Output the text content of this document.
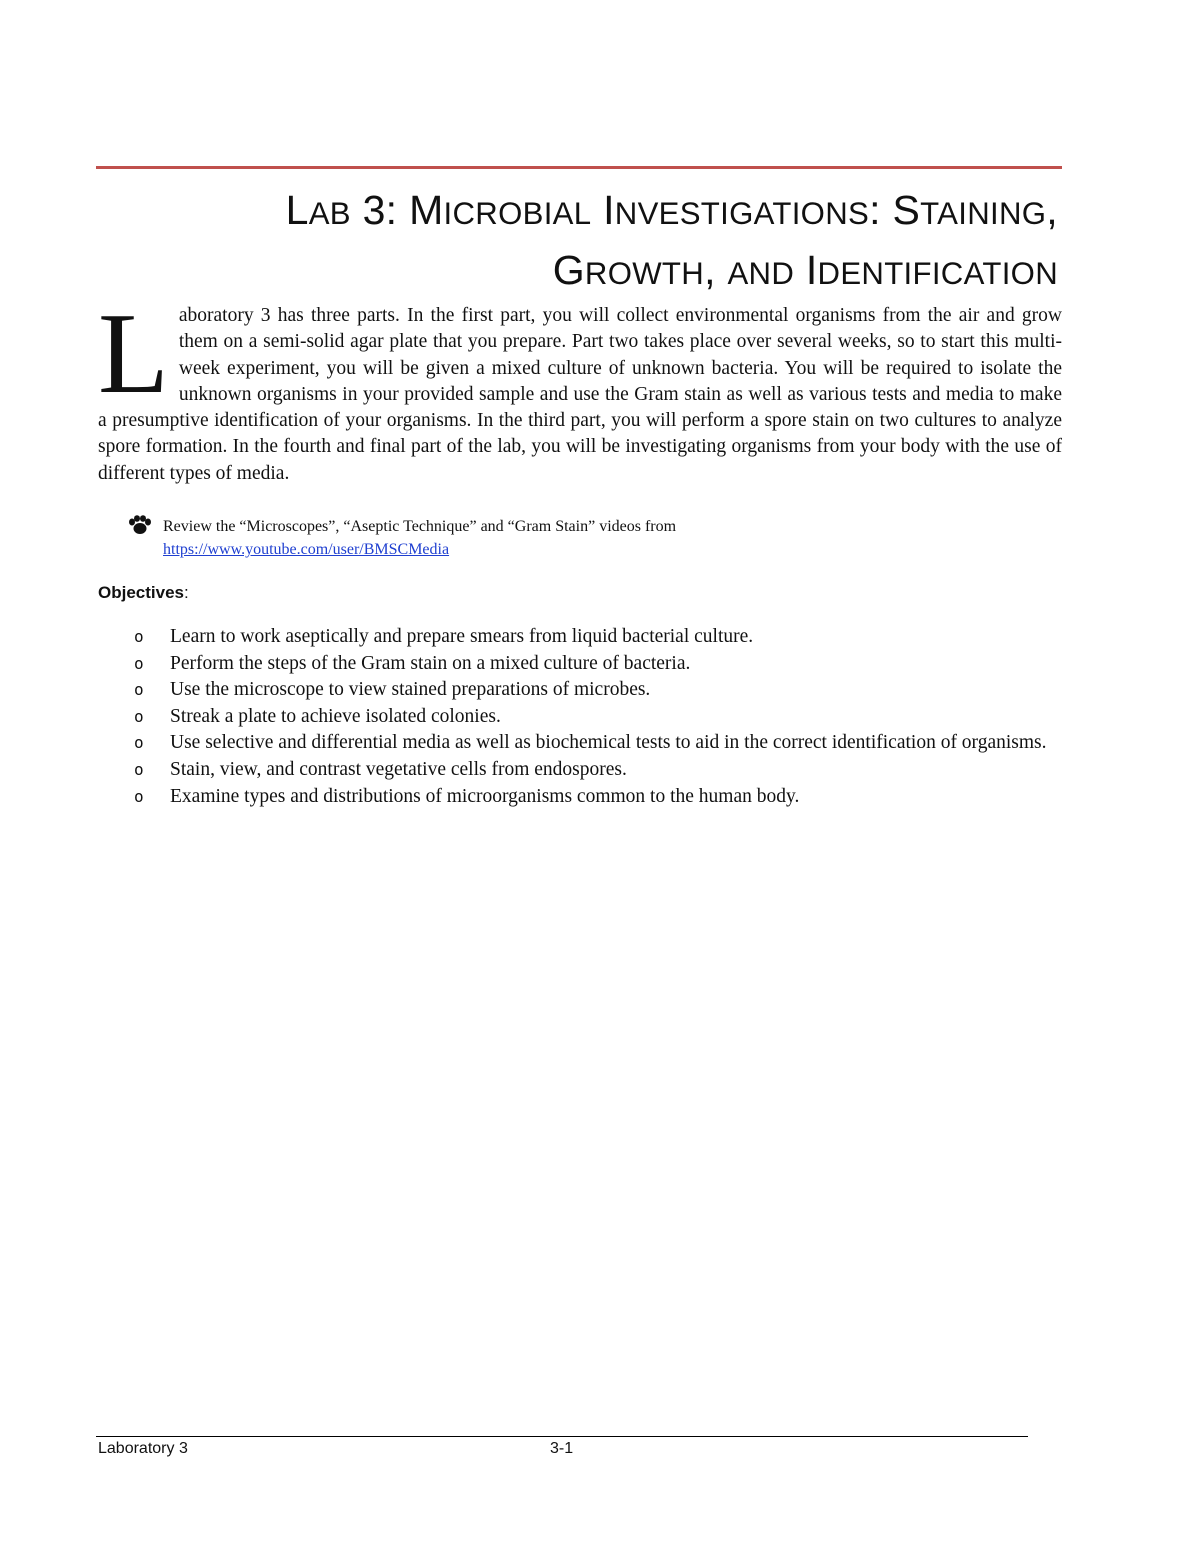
LAB 3: MICROBIAL INVESTIGATIONS: STAINING,
GROWTH, AND IDENTIFICATION

Laboratory 3 has three parts. In the first part, you will collect environmental organisms from the air and grow them on a semi-solid agar plate that you prepare. Part two takes place over several weeks, so to start this multi-week experiment, you will be given a mixed culture of unknown bacteria. You will be required to isolate the unknown organisms in your provided sample and use the Gram stain as well as various tests and media to make a presumptive identification of your organisms. In the third part, you will perform a spore stain on two cultures to analyze spore formation. In the fourth and final part of the lab, you will be investigating organisms from your body with the use of different types of media.

Review the “Microscopes”, “Aseptic Technique” and “Gram Stain” videos from
https://www.youtube.com/user/BMSCMedia
Objectives:
o Learn to work aseptically and prepare smears from liquid bacterial culture.
o Perform the steps of the Gram stain on a mixed culture of bacteria.
o Use the microscope to view stained preparations of microbes.
o Streak a plate to achieve isolated colonies.
o Use selective and differential media as well as biochemical tests to aid in the correct identification of organisms.
o Stain, view, and contrast vegetative cells from endospores.
o Examine types and distributions of microorganisms common to the human body.
Laboratory 3	3-1
